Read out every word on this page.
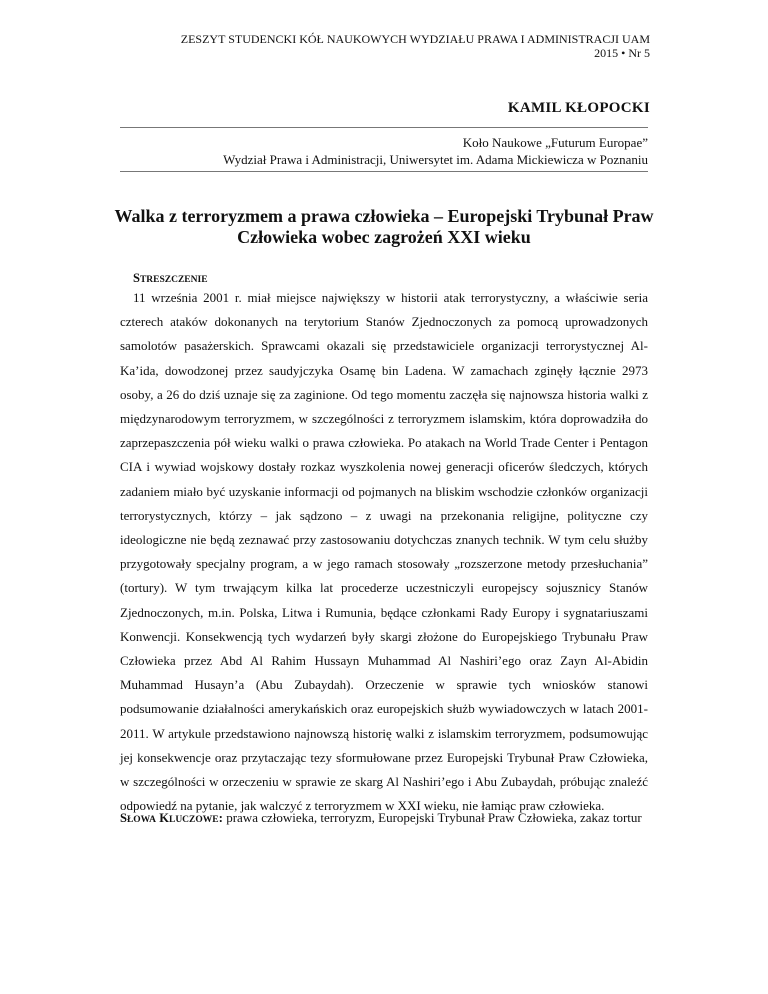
ZESZYT STUDENCKI KÓŁ NAUKOWYCH WYDZIAŁU PRAWA I ADMINISTRACJI UAM
2015 • Nr 5
KAMIL KŁOPOCKI
Koło Naukowe „Futurum Europae”
Wydział Prawa i Administracji, Uniwersytet im. Adama Mickiewicza w Poznaniu
Walka z terroryzmem a prawa człowieka – Europejski Trybunał Praw Człowieka wobec zagrożeń XXI wieku
STRESZCZENIE

11 września 2001 r. miał miejsce największy w historii atak terrorystyczny, a właściwie seria czterech ataków dokonanych na terytorium Stanów Zjednoczonych za pomocą uprowadzonych samolotów pasażerskich. Sprawcami okazali się przedstawiciele organizacji terrorystycznej Al-Ka’ida, dowodzonej przez saudyjczyka Osamę bin Ladena. W zamachach zginęły łącznie 2973 osoby, a 26 do dziś uznaje się za zaginione. Od tego momentu zaczęła się najnowsza historia walki z międzynarodowym terroryzmem, w szczególności z terroryzmem islamskim, która doprowadziła do zaprzepaszczenia pół wieku walki o prawa człowieka. Po atakach na World Trade Center i Pentagon CIA i wywiad wojskowy dostały rozkaz wyszkolenia nowej generacji oficerów śledczych, których zadaniem miało być uzyskanie informacji od pojmanych na bliskim wschodzie członków organizacji terrorystycznych, którzy – jak sądzono – z uwagi na przekonania religijne, polityczne czy ideologiczne nie będą zeznawać przy zastosowaniu dotychczas znanych technik. W tym celu służby przygotowały specjalny program, a w jego ramach stosowały „rozszerzone metody przesłuchania” (tortury). W tym trwającym kilka lat procederze uczestniczyli europejscy sojusznicy Stanów Zjednoczonych, m.in. Polska, Litwa i Rumunia, będące członkami Rady Europy i sygnatariuszami Konwencji. Konsekwencją tych wydarzeń były skargi złożone do Europejskiego Trybunału Praw Człowieka przez Abd Al Rahim Hussayn Muhammad Al Nashiri’ego oraz Zayn Al-Abidin Muhammad Husayn’a (Abu Zubaydah). Orzeczenie w sprawie tych wniosków stanowi podsumowanie działalności amerykańskich oraz europejskich służb wywiadowczych w latach 2001-2011. W artykule przedstawiono najnowszą historię walki z islamskim terroryzmem, podsumowując jej konsekwencje oraz przytaczając tezy sformułowane przez Europejski Trybunał Praw Człowieka, w szczególności w orzeczeniu w sprawie ze skarg Al Nashiri’ego i Abu Zubaydah, próbując znaleźć odpowiedź na pytanie, jak walczyć z terroryzmem w XXI wieku, nie łamiąc praw człowieka.

SŁOWA KLUCZOWE: prawa człowieka, terroryzm, Europejski Trybunał Praw Człowieka, zakaz tortur
